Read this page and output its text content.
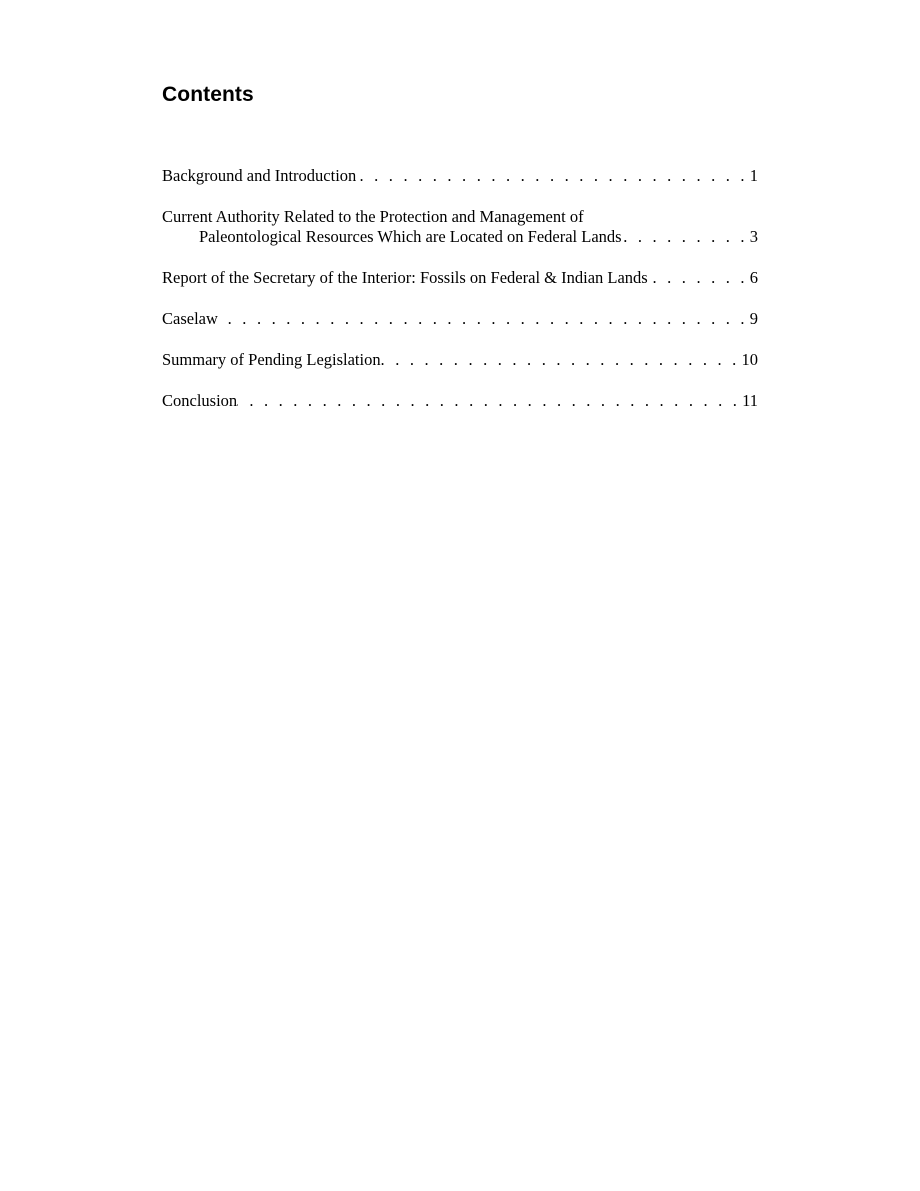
Contents
Background and Introduction . . .	1
Current Authority Related to the Protection and Management of
Paleontological Resources Which are Located on Federal Lands . . .	3
Report of the Secretary of the Interior: Fossils on Federal & Indian Lands . . .	6
Caselaw . . .	9
Summary of Pending Legislation . . .	10
Conclusion . . .	11
